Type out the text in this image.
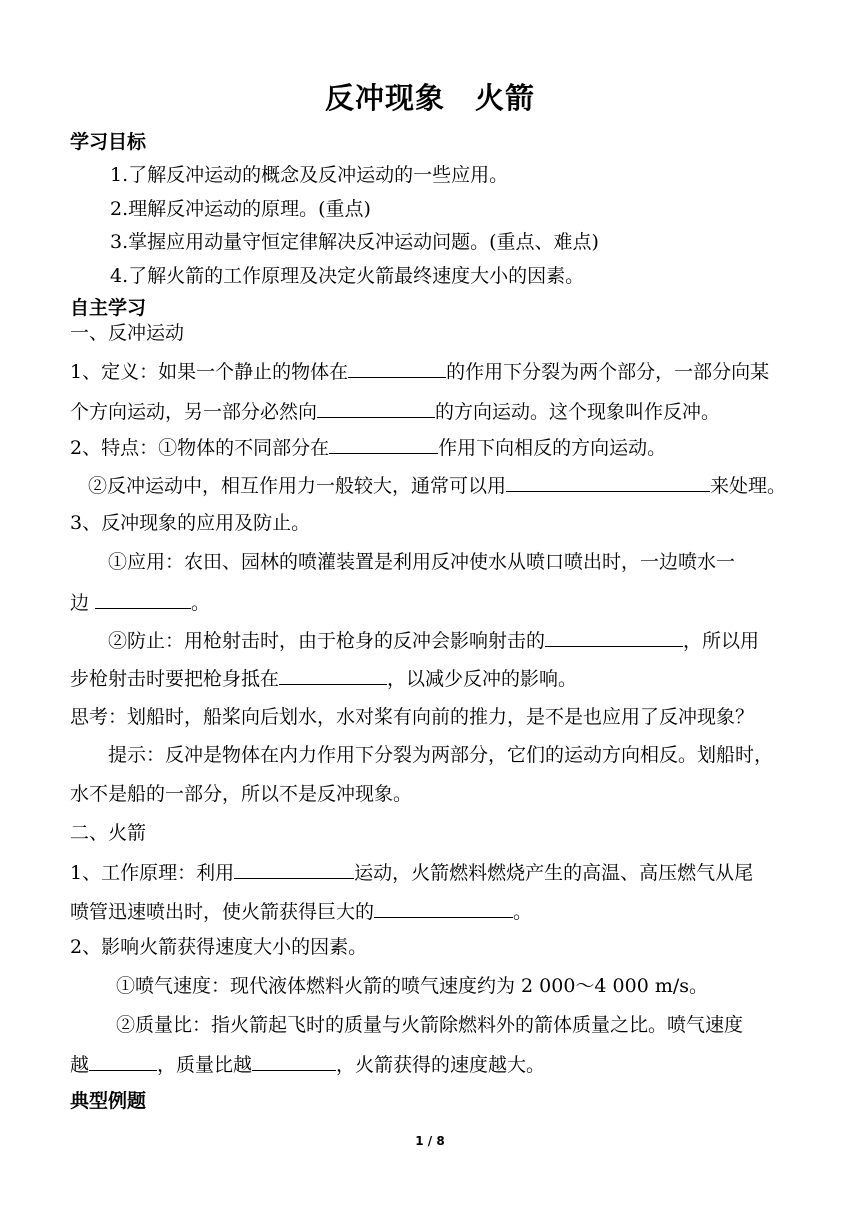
反冲现象　火箭
学习目标
1.了解反冲运动的概念及反冲运动的一些应用。
2.理解反冲运动的原理。(重点)
3.掌握应用动量守恒定律解决反冲运动问题。(重点、难点)
4.了解火箭的工作原理及决定火箭最终速度大小的因素。
自主学习
一、反冲运动
1、定义：如果一个静止的物体在	的作用下分裂为两个部分，一部分向某
个方向运动，另一部分必然向	的方向运动。这个现象叫作反冲。
2、特点：①物体的不同部分在	作用下向相反的方向运动。
②反冲运动中，相互作用力一般较大，通常可以用	来处理。
3、反冲现象的应用及防止。
①应用：农田、园林的喷灌装置是利用反冲使水从喷口喷出时，一边喷水一
边	。
②防止：用枪射击时，由于枪身的反冲会影响射击的	，所以用
步枪射击时要把枪身抵在	，以减少反冲的影响。
思考：划船时，船桨向后划水，水对桨有向前的推力，是不是也应用了反冲现象？
提示：反冲是物体在内力作用下分裂为两部分，它们的运动方向相反。划船时，
水不是船的一部分，所以不是反冲现象。
二、火箭
1、工作原理：利用	运动，火箭燃料燃烧产生的高温、高压燃气从尾
喷管迅速喷出时，使火箭获得巨大的	。
2、影响火箭获得速度大小的因素。
①喷气速度：现代液体燃料火箭的喷气速度约为 2 000～4 000 m/s。
②质量比：指火箭起飞时的质量与火箭除燃料外的箭体质量之比。喷气速度
越	，质量比越	，火箭获得的速度越大。
典型例题
1 / 8
